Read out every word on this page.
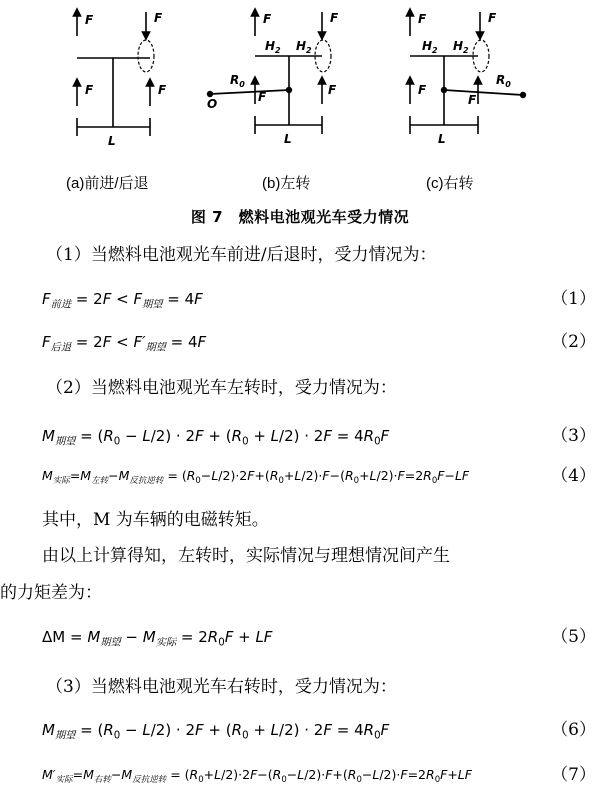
F
F	F
F
L
F	F
F	F
$H_2$ $H_2$
$R_0$
O
L
F	F
F
F
$H_2$ $H_2$
$R_0$
L
(a)前进/后退	(b)左转	(c)右转
图 7　燃料电池观光车受力情况
（1）当燃料电池观光车前进/后退时，受力情况为：
$F_{前进} = 2F < F_{期望} = 4F$	（1）
$F_{后退} = 2F < F'_{期望} = 4F$	（2）
（2）当燃料电池观光车左转时，受力情况为：
$M_{期望} = (R_0 - L/2) \cdot 2F + (R_0 + L/2) \cdot 2F = 4R_0F$	（3）
$M_{实际}=M_{左转}-M_{反抗逆转} = (R_0-L/2)\cdot 2F+(R_0+L/2)\cdot F-(R_0+L/2)\cdot F=2R_0F-LF$	（4）
其中，M 为车辆的电磁转矩。
由以上计算得知，左转时，实际情况与理想情况间产生
的力矩差为：
$\Delta M = M_{期望} - M_{实际} = 2R_0F$ + LF	（5）
（3）当燃料电池观光车右转时，受力情况为：
$M_{期望} = (R_0 - L/2) \cdot 2F + (R_0 + L/2) \cdot 2F = 4R_0F$	（6）
$M'_{实际}=M_{右转}-M_{反抗逆转} = (R_0+L/2)\cdot 2F-(R_0-L/2)\cdot F+(R_0-L/2)\cdot F=2R_0F+LF$	（7）
